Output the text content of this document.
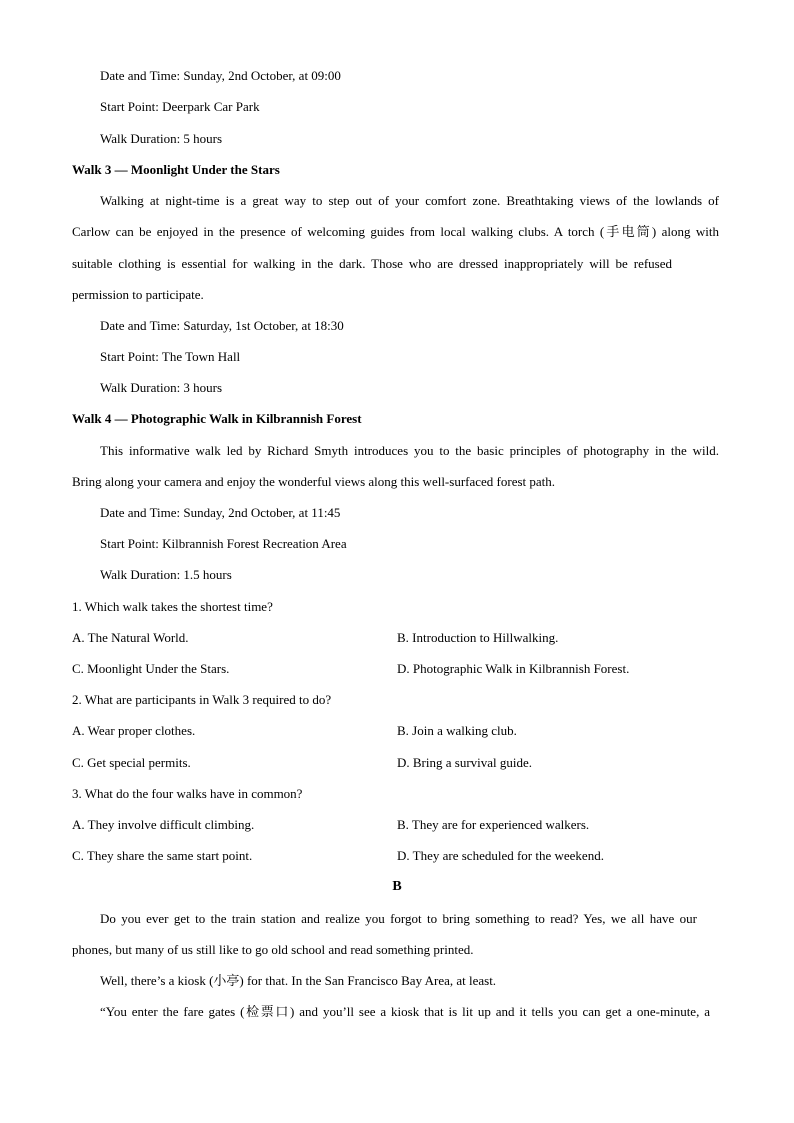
Date and Time: Sunday, 2nd October, at 09:00
Start Point: Deerpark Car Park
Walk Duration: 5 hours
Walk 3 — Moonlight Under the Stars
Walking at night-time is a great way to step out of your comfort zone. Breathtaking views of the lowlands of
Carlow can be enjoyed in the presence of welcoming guides from local walking clubs. A torch (手电筒) along with
suitable clothing is essential for walking in the dark. Those who are dressed inappropriately will be refused
permission to participate.
Date and Time: Saturday, 1st October, at 18:30
Start Point: The Town Hall
Walk Duration: 3 hours
Walk 4 — Photographic Walk in Kilbrannish Forest
This informative walk led by Richard Smyth introduces you to the basic principles of photography in the wild.
Bring along your camera and enjoy the wonderful views along this well-surfaced forest path.
Date and Time: Sunday, 2nd October, at 11:45
Start Point: Kilbrannish Forest Recreation Area
Walk Duration: 1.5 hours
1. Which walk takes the shortest time?
A. The Natural World.	B. Introduction to Hillwalking.
C. Moonlight Under the Stars.	D. Photographic Walk in Kilbrannish Forest.
2. What are participants in Walk 3 required to do?
A. Wear proper clothes.	B. Join a walking club.
C. Get special permits.	D. Bring a survival guide.
3. What do the four walks have in common?
A. They involve difficult climbing.	B. They are for experienced walkers.
C. They share the same start point.	D. They are scheduled for the weekend.
B
Do you ever get to the train station and realize you forgot to bring something to read? Yes, we all have our
phones, but many of us still like to go old school and read something printed.
Well, there’s a kiosk (小亭) for that. In the San Francisco Bay Area, at least.
“You enter the fare gates (检票口) and you’ll see a kiosk that is lit up and it tells you can get a one-minute, a
